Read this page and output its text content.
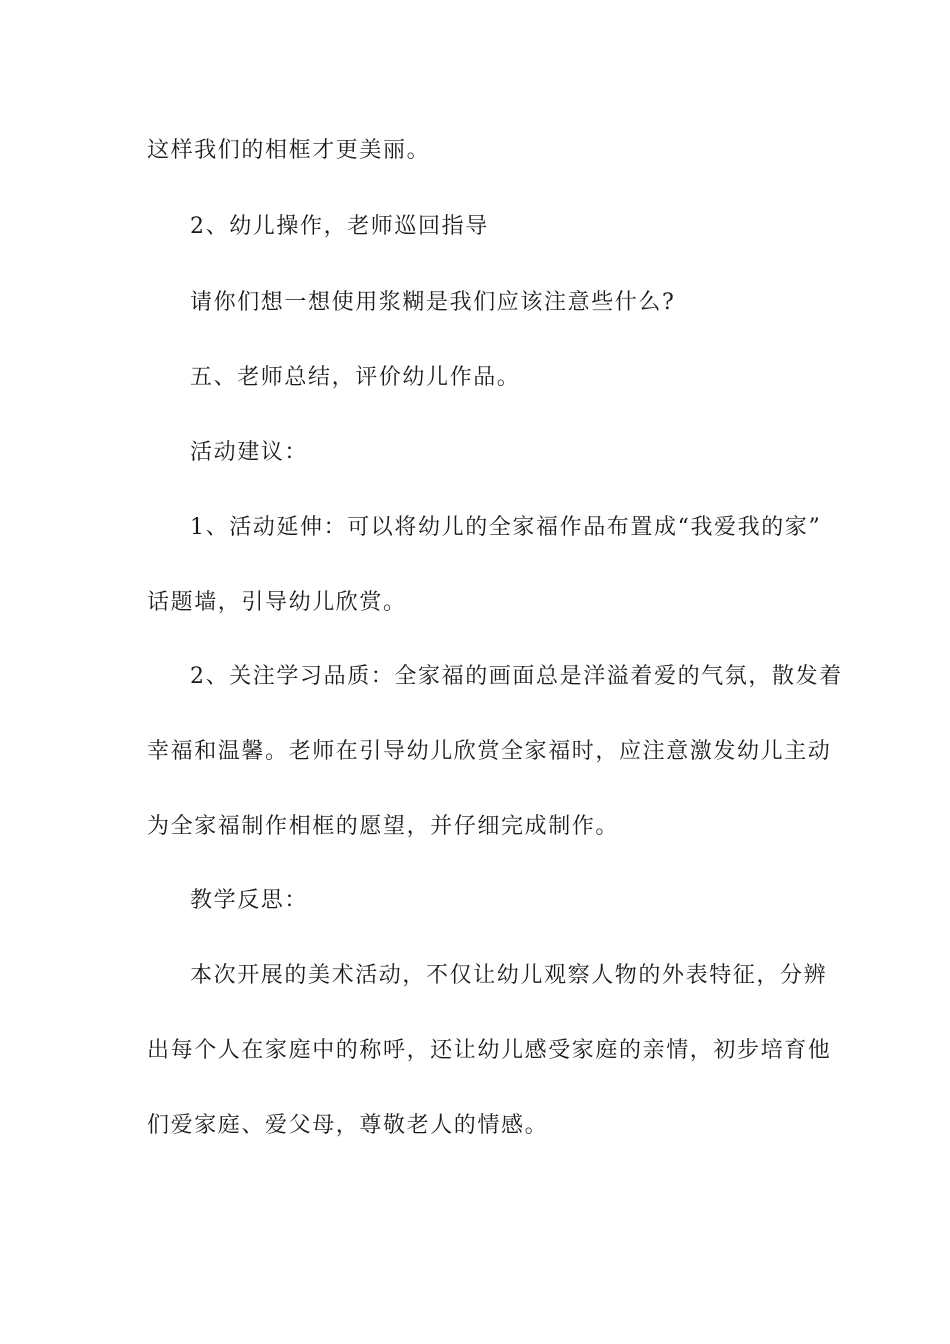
这样我们的相框才更美丽。
2、幼儿操作，老师巡回指导
请你们想一想使用浆糊是我们应该注意些什么?
五、老师总结，评价幼儿作品。
活动建议：
1、活动延伸：可以将幼儿的全家福作品布置成“我爱我的家”
话题墙，引导幼儿欣赏。
2、关注学习品质：全家福的画面总是洋溢着爱的气氛，散发着
幸福和温馨。老师在引导幼儿欣赏全家福时，应注意激发幼儿主动
为全家福制作相框的愿望，并仔细完成制作。
教学反思：
本次开展的美术活动，不仅让幼儿观察人物的外表特征，分辨
出每个人在家庭中的称呼，还让幼儿感受家庭的亲情，初步培育他
们爱家庭、爱父母，尊敬老人的情感。
